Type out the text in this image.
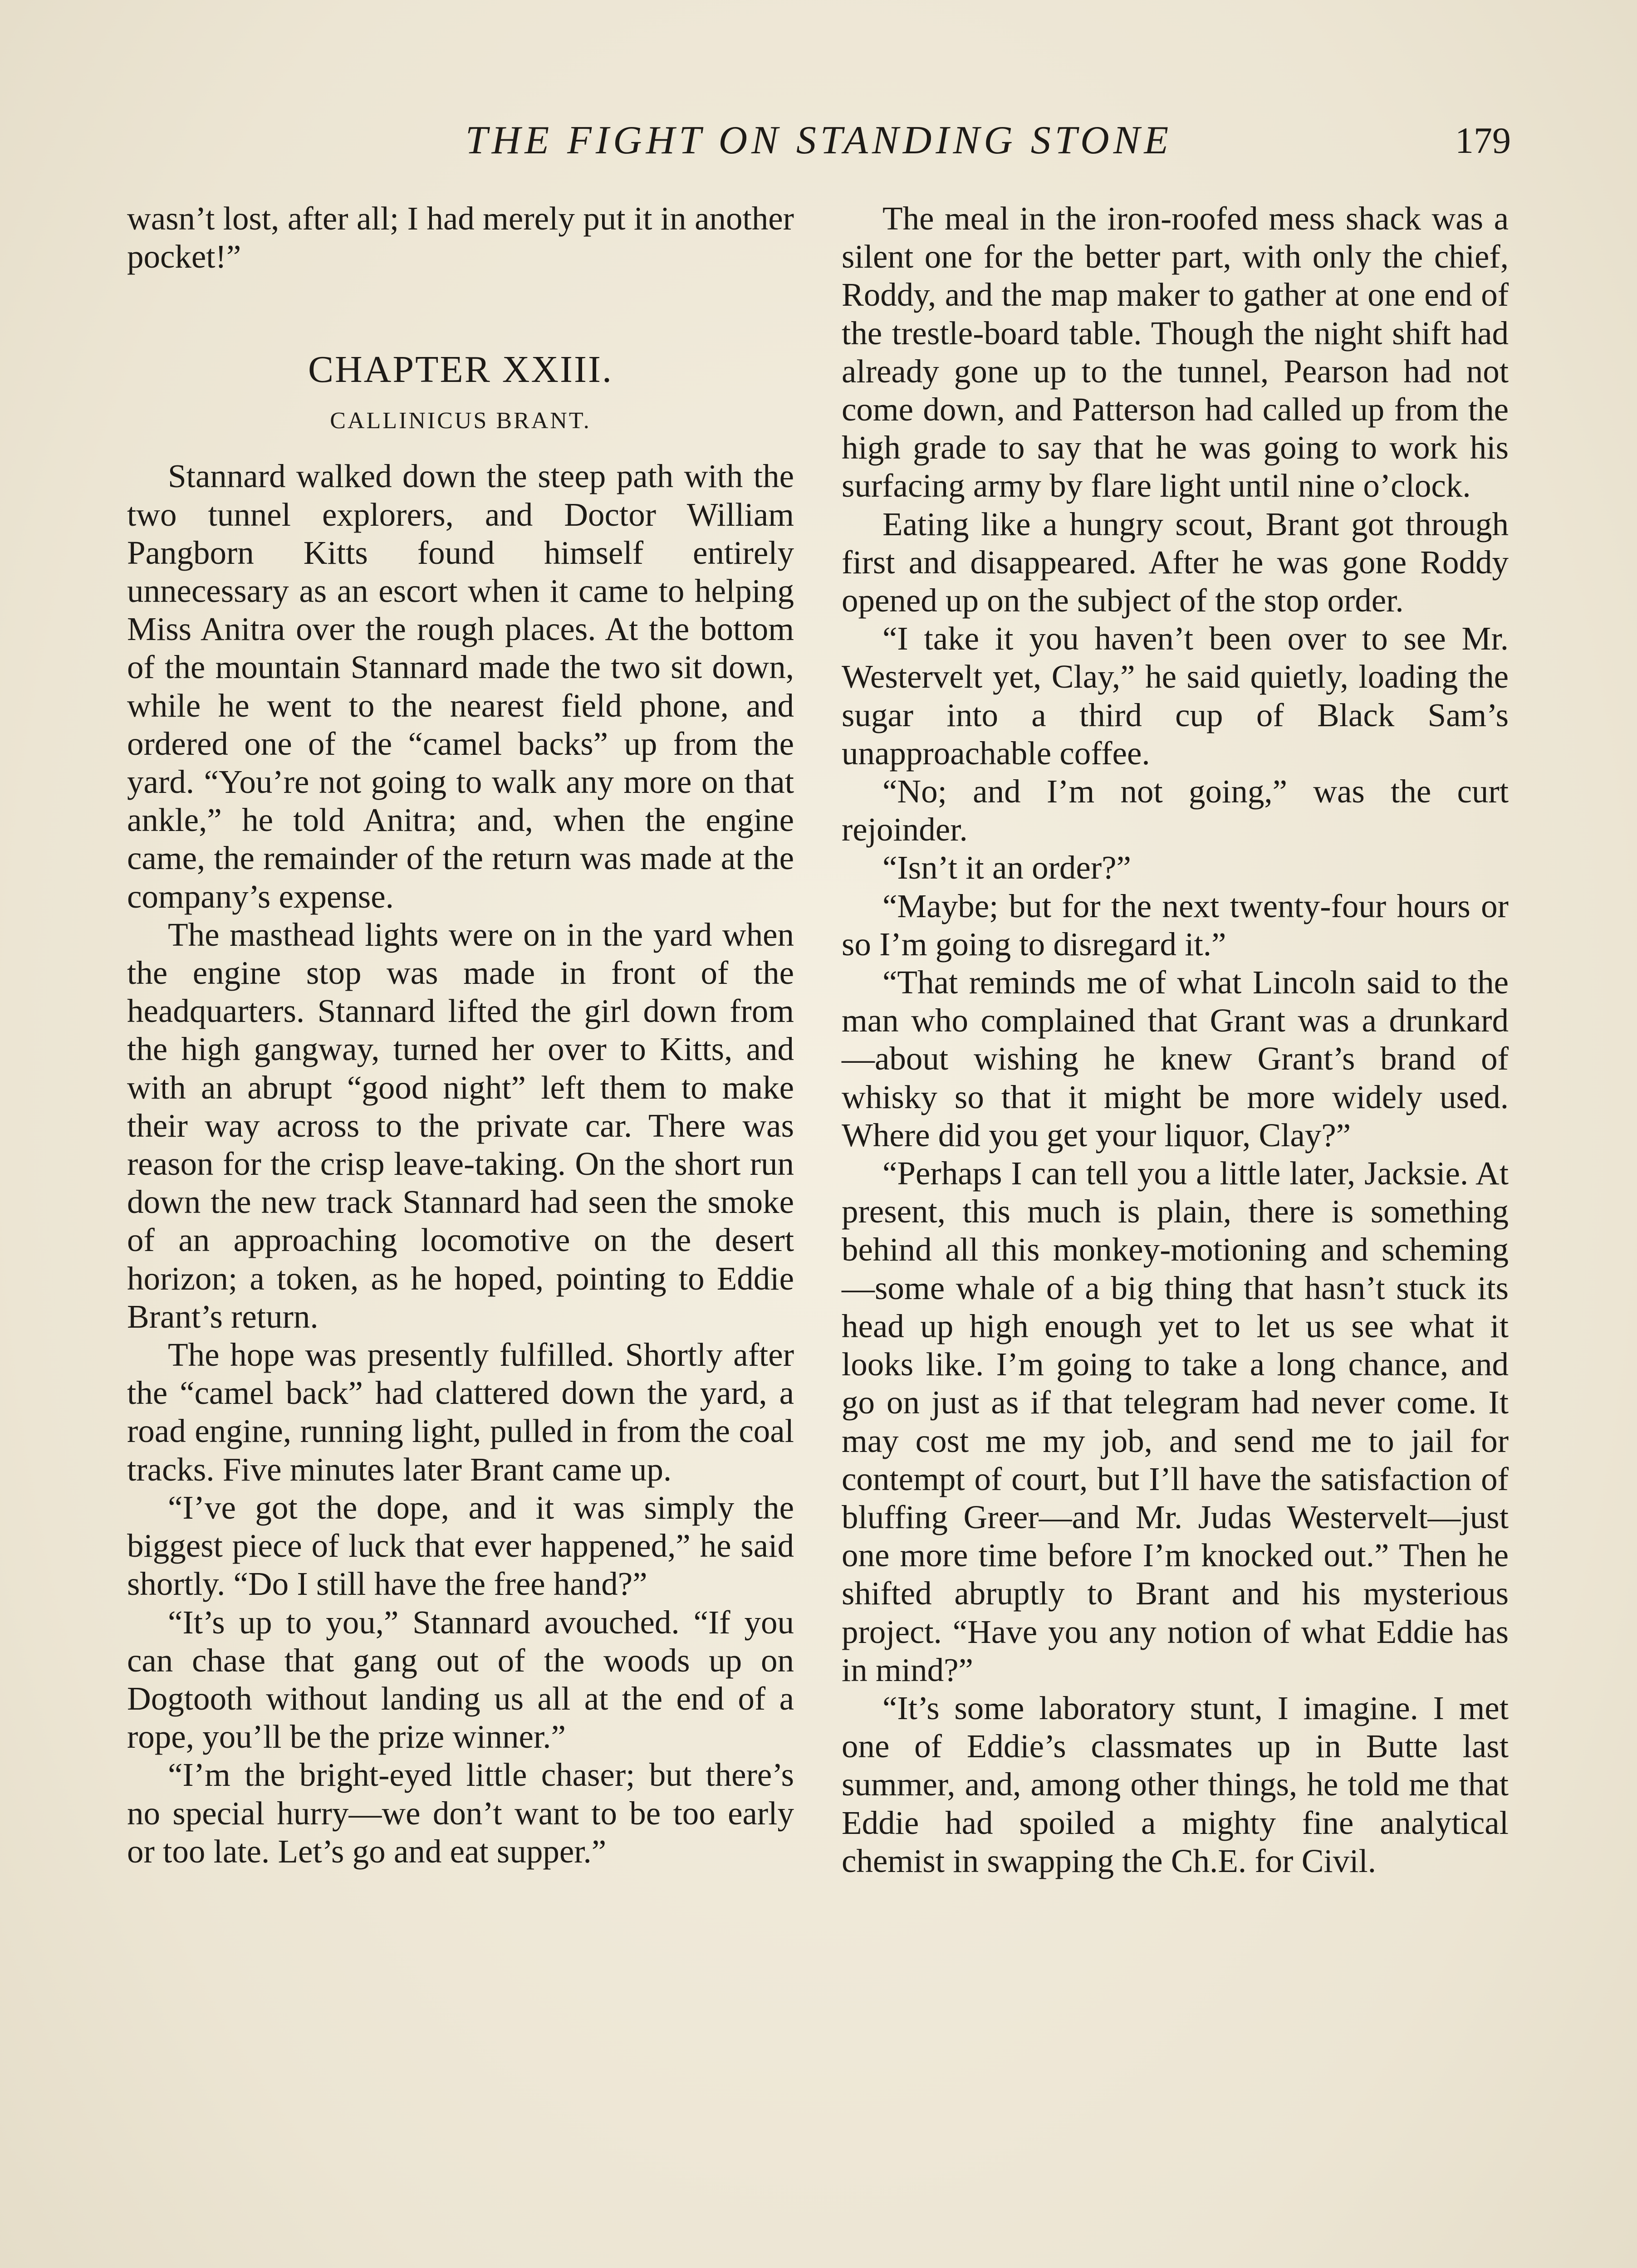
THE FIGHT ON STANDING STONE	179

wasn’t lost, after all; I had merely put it in another pocket!”

CHAPTER XXIII.
CALLINICUS BRANT.

Stannard walked down the steep path with the two tunnel explorers, and Doctor William Pangborn Kitts found himself entirely unnecessary as an escort when it came to helping Miss Anitra over the rough places. At the bottom of the mountain Stannard made the two sit down, while he went to the nearest field phone, and ordered one of the “camel backs” up from the yard. “You’re not going to walk any more on that ankle,” he told Anitra; and, when the engine came, the remainder of the return was made at the company’s expense.

The masthead lights were on in the yard when the engine stop was made in front of the headquarters. Stannard lifted the girl down from the high gangway, turned her over to Kitts, and with an abrupt “good night” left them to make their way across to the private car. There was reason for the crisp leave-taking. On the short run down the new track Stannard had seen the smoke of an approaching locomotive on the desert horizon; a token, as he hoped, pointing to Eddie Brant’s return.

The hope was presently fulfilled. Shortly after the “camel back” had clattered down the yard, a road engine, running light, pulled in from the coal tracks. Five minutes later Brant came up.

“I’ve got the dope, and it was simply the biggest piece of luck that ever happened,” he said shortly. “Do I still have the free hand?”

“It’s up to you,” Stannard avouched. “If you can chase that gang out of the woods up on Dogtooth without landing us all at the end of a rope, you’ll be the prize winner.”

“I’m the bright-eyed little chaser; but there’s no special hurry—we don’t want to be too early or too late. Let’s go and eat supper.”

The meal in the iron-roofed mess shack was a silent one for the better part, with only the chief, Roddy, and the map maker to gather at one end of the trestle-board table. Though the night shift had already gone up to the tunnel, Pearson had not come down, and Patterson had called up from the high grade to say that he was going to work his surfacing army by flare light until nine o’clock.

Eating like a hungry scout, Brant got through first and disappeared. After he was gone Roddy opened up on the subject of the stop order.

“I take it you haven’t been over to see Mr. Westervelt yet, Clay,” he said quietly, loading the sugar into a third cup of Black Sam’s unapproachable coffee.

“No; and I’m not going,” was the curt rejoinder.

“Isn’t it an order?”

“Maybe; but for the next twenty-four hours or so I’m going to disregard it.”

“That reminds me of what Lincoln said to the man who complained that Grant was a drunkard—about wishing he knew Grant’s brand of whisky so that it might be more widely used. Where did you get your liquor, Clay?”

“Perhaps I can tell you a little later, Jacksie. At present, this much is plain, there is something behind all this monkey-motioning and scheming—some whale of a big thing that hasn’t stuck its head up high enough yet to let us see what it looks like. I’m going to take a long chance, and go on just as if that telegram had never come. It may cost me my job, and send me to jail for contempt of court, but I’ll have the satisfaction of bluffing Greer—and Mr. Judas Westervelt—just one more time before I’m knocked out.” Then he shifted abruptly to Brant and his mysterious project. “Have you any notion of what Eddie has in mind?”

“It’s some laboratory stunt, I imagine. I met one of Eddie’s classmates up in Butte last summer, and, among other things, he told me that Eddie had spoiled a mighty fine analytical chemist in swapping the Ch.E. for Civil.
